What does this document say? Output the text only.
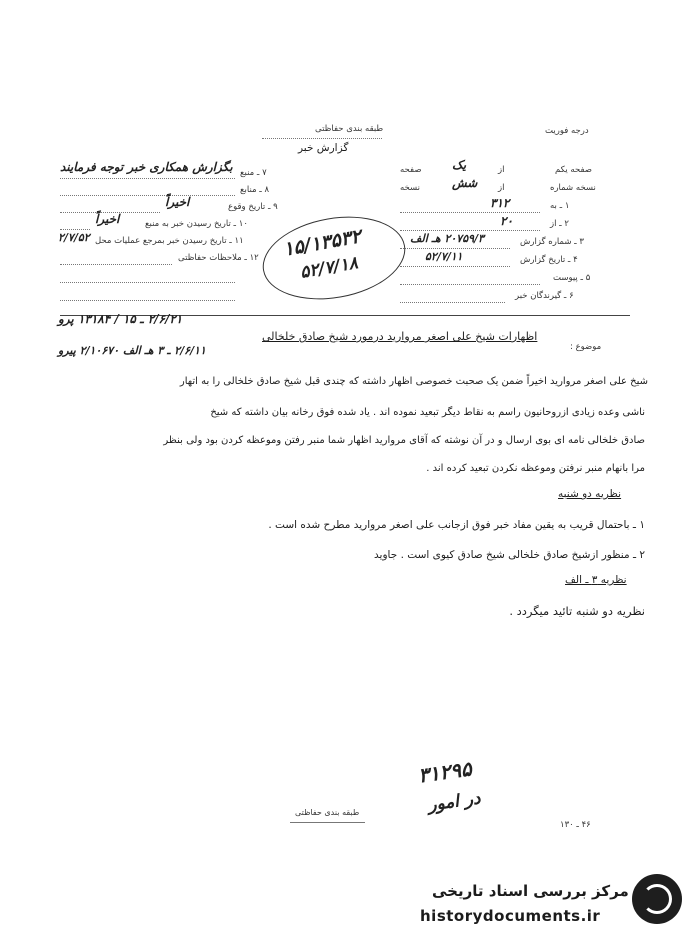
طبقه بندی حفاظتی
گزارش خبر
درجه فوریت
صفحه یکم
از
یک
صفحه
نسخه شماره
از
شش
نسخه
۱ ـ به
۳۱۲
۲ ـ از
۲۰
۳ ـ شماره گزارش
۲۰۷۵۹/۳ هـ الف
۴ ـ تاریخ گزارش
۵۲/۷/۱۱
۵ ـ پیوست
۶ ـ گیرندگان خبر
۷ ـ منبع
بگزارش همکاری خبر توجه فرمایند
۸ ـ منابع
۹ ـ تاریخ وقوع
اخیراً
۱۰ ـ تاریخ رسیدن خبر به منبع
اخیراً
۱۱ ـ تاریخ رسیدن خبر بمرجع عملیات محل
۲/۷/۵۲
۱۲ ـ ملاحظات حفاظتی ۱۵/۱۳۵۳۲
۵۲/۷/۱۸
۲/۶/۲۱ ـ ۱۵ / ۱۳۱۸۴ پرو
۲/۶/۱۱ ـ ۳ هـ الف ۲/۱۰۶۷۰ پیرو	موضوع :
اظهارات شیخ علی اصغر مروارید درمورد شیخ صادق خلخالی
شیخ علی اصغر مروارید اخیراً ضمن یک صحبت خصوصی اظهار داشته که چندی قبل شیخ صادق خلخالی را به اتهار
ناشی وعده زیادی ازروحانیون راسم به نقاط دیگر تبعید نموده اند . یاد شده فوق رخانه بیان داشته که شیخ
صادق خلخالی نامه ای بوی ارسال و در آن نوشته که آقای مروارید اظهار شما منبر رفتن وموعظه کردن بود ولی بنظر
مرا بانهام منبر نرفتن وموعظه نکردن تبعید کرده اند .
نظریه دو شنبه
۱ ـ باحتمال قریب به یقین مفاد خبر فوق ازجانب علی اصغر مروارید مطرح شده است .
۲ ـ منظور ازشیخ صادق خلخالی شیخ صادق کیوی است . جاوید
نظریه ۳ ـ الف
نظریه دو شنبه تائید میگردد .
۳۱۲۹۵
در امور
طبقه بندی حفاظتی
۴۶ ـ ۱۳۰
مرکز بررسی اسناد تاریخی
historydocuments.ir
